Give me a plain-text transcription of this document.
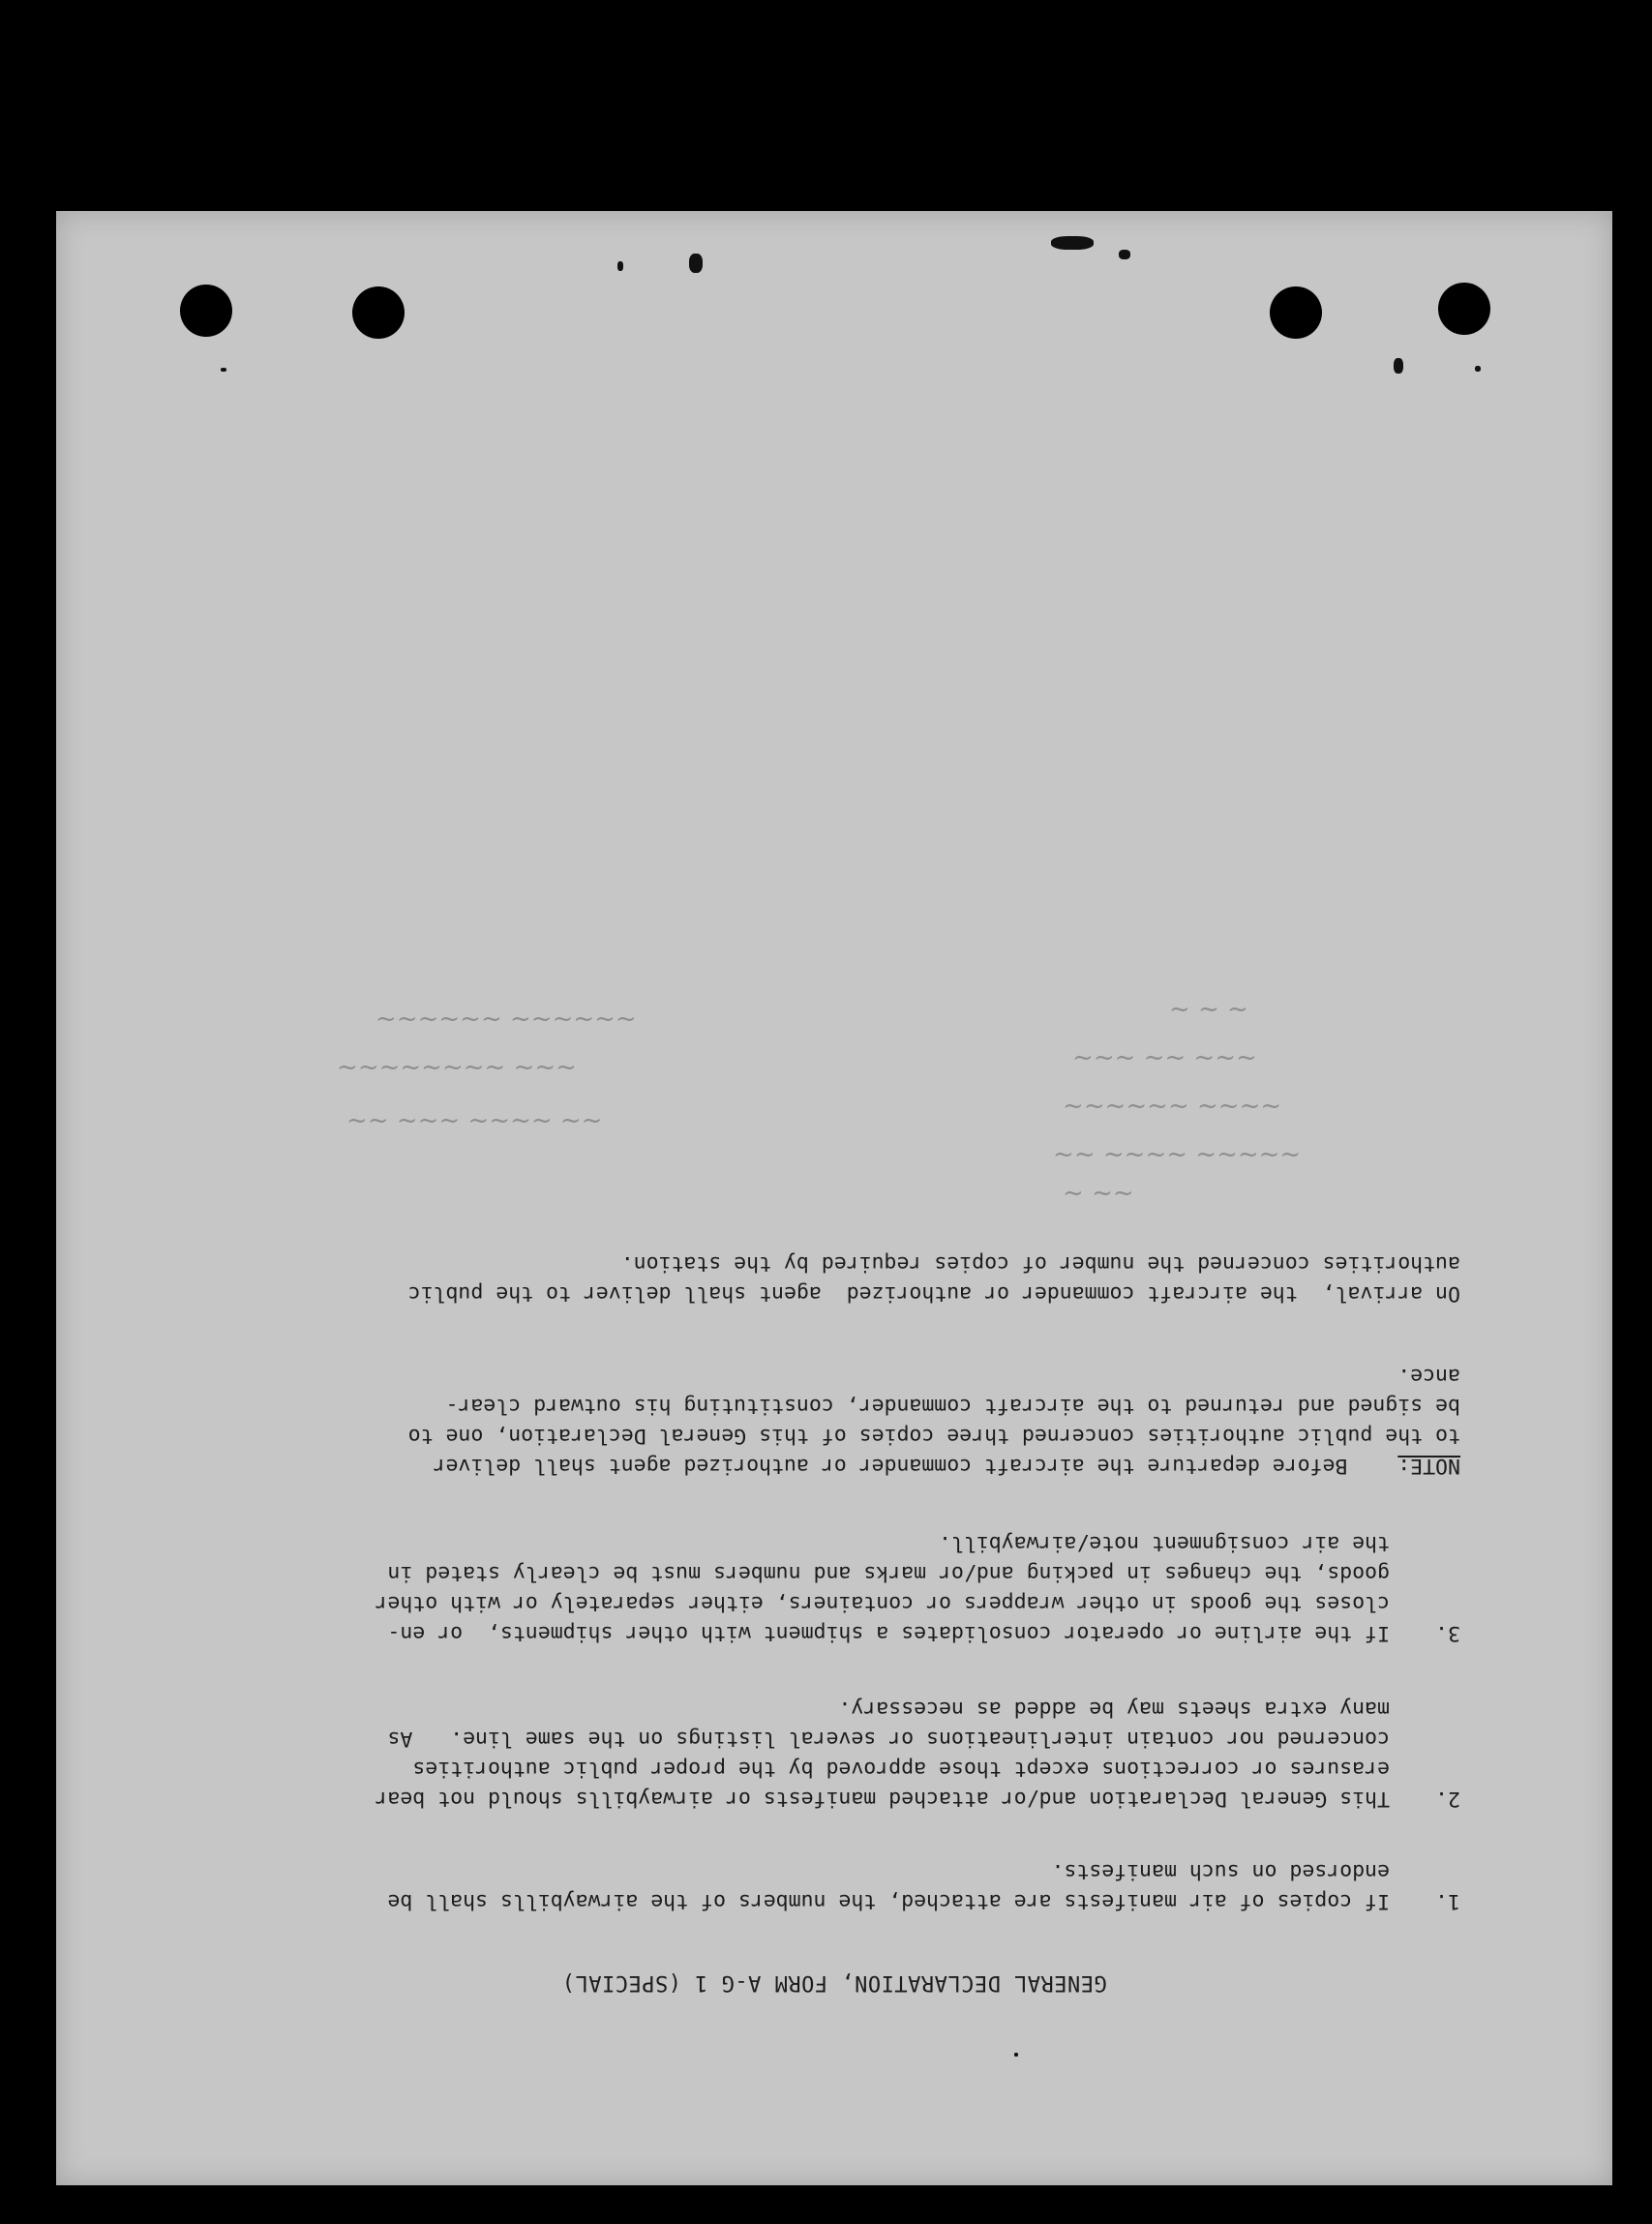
~ ~ ~
~~~ ~~ ~~~
~~~~ ~~~~~~
~~~~~ ~~~~ ~~
~~~~~~ ~~~~~~
~~~ ~~~~~~~~
~~ ~~~~ ~~~ ~~
~~ ~
GENERAL DECLARATION, FORM A-G 1 (SPECIAL)
1.
If copies of air manifests are attached, the numbers of the airwaybills shall be
endorsed on such manifests.
2.
This General Declaration and/or attached manifests or airwaybills should not bear
erasures or corrections except those approved by the proper public authorities
concerned nor contain interlineations or several listings on the same line.   As
many extra sheets may be added as necessary.
3.
If the airline or operator consolidates a shipment with other shipments,  or en-
closes the goods in other wrappers or containers, either separately or with other
goods, the changes in packing and/or marks and numbers must be clearly stated in
the air consignment note/airwaybill.
NOTE:    Before departure the aircraft commander or authorized agent shall deliver
to the public authorities concerned three copies of this General Declaration, one to
be signed and returned to the aircraft commander, constituting his outward clear-
ance.
On arrival,  the aircraft commander or authorized  agent shall deliver to the public
authorities concerned the number of copies required by the station.
